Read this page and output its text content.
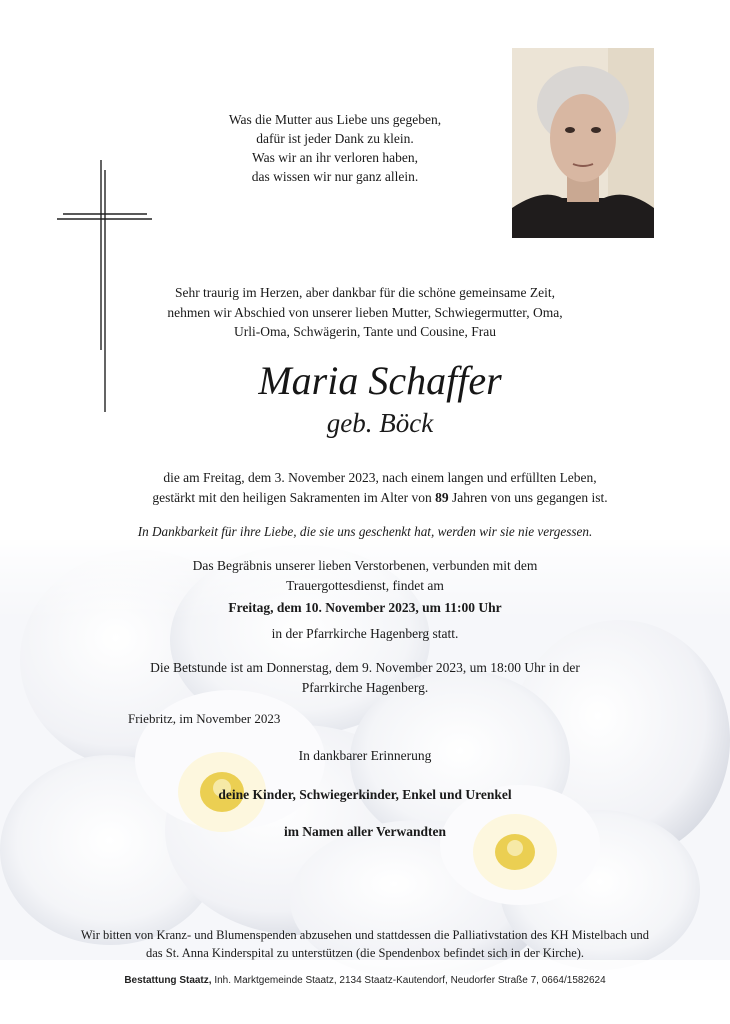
Was die Mutter aus Liebe uns gegeben,
dafür ist jeder Dank zu klein.
Was wir an ihr verloren haben,
das wissen wir nur ganz allein.
Sehr traurig im Herzen, aber dankbar für die schöne gemeinsame Zeit,
nehmen wir Abschied von unserer lieben Mutter, Schwiegermutter, Oma,
Urli-Oma, Schwägerin, Tante und Cousine, Frau
Maria Schaffer
geb. Böck
die am Freitag, dem 3. November 2023, nach einem langen und erfüllten Leben,
gestärkt mit den heiligen Sakramenten im Alter von 89 Jahren von uns gegangen ist.
In Dankbarkeit für ihre Liebe, die sie uns geschenkt hat, werden wir sie nie vergessen.
Das Begräbnis unserer lieben Verstorbenen, verbunden mit dem
Trauergottesdienst, findet am
Freitag, dem 10. November 2023, um 11:00 Uhr
in der Pfarrkirche Hagenberg statt.
Die Betstunde ist am Donnerstag, dem 9. November 2023, um 18:00 Uhr in der
Pfarrkirche Hagenberg.
Friebritz, im November 2023
In dankbarer Erinnerung
deine Kinder, Schwiegerkinder, Enkel und Urenkel
im Namen aller Verwandten
Wir bitten von Kranz- und Blumenspenden abzusehen und stattdessen die Palliativstation des KH Mistelbach und
das St. Anna Kinderspital zu unterstützen (die Spendenbox befindet sich in der Kirche).
Bestattung Staatz, Inh. Marktgemeinde Staatz, 2134 Staatz-Kautendorf, Neudorfer Straße 7, 0664/1582624
